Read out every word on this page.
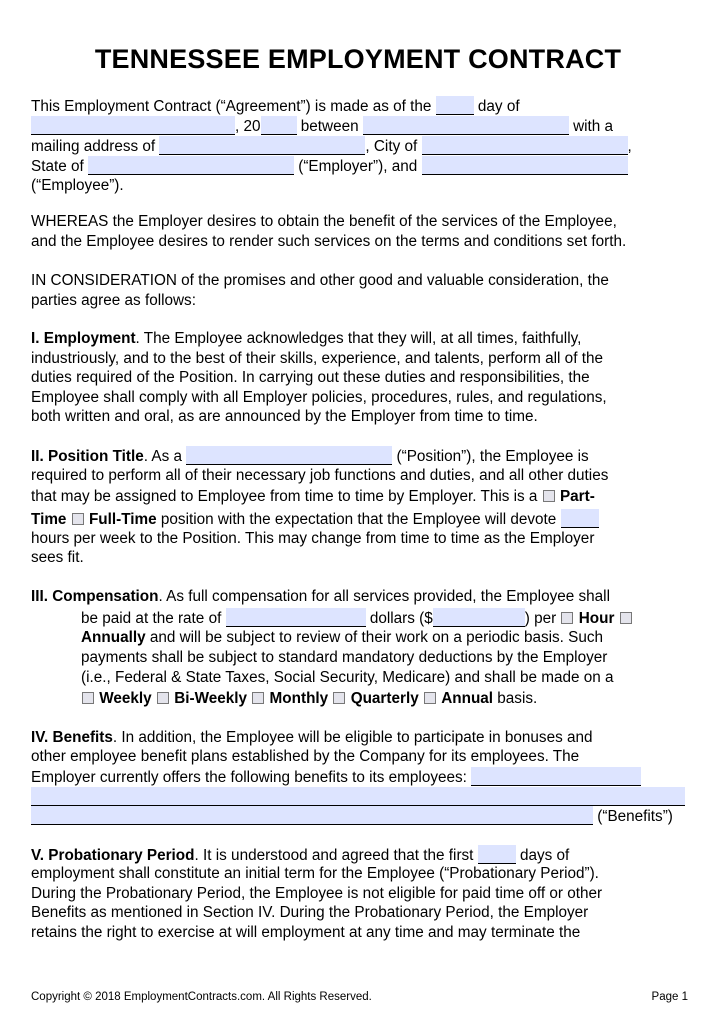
TENNESSEE EMPLOYMENT CONTRACT
This Employment Contract (“Agreement”) is made as of the	day of
, 20	between	with a
mailing address of	, City of	,
State of	(“Employer”), and
(“Employee”).
WHEREAS the Employer desires to obtain the benefit of the services of the Employee,
and the Employee desires to render such services on the terms and conditions set forth.
IN CONSIDERATION of the promises and other good and valuable consideration, the
parties agree as follows:
I. Employment. The Employee acknowledges that they will, at all times, faithfully,
industriously, and to the best of their skills, experience, and talents, perform all of the
duties required of the Position. In carrying out these duties and responsibilities, the
Employee shall comply with all Employer policies, procedures, rules, and regulations,
both written and oral, as are announced by the Employer from time to time.
II. Position Title. As a	(“Position”), the Employee is
required to perform all of their necessary job functions and duties, and all other duties
that may be assigned to Employee from time to time by Employer. This is a Part-
Time Full-Time position with the expectation that the Employee will devote
hours per week to the Position. This may change from time to time as the Employer
sees fit.
III. Compensation. As full compensation for all services provided, the Employee shall
be paid at the rate of	dollars ($	) per Hour
Annually and will be subject to review of their work on a periodic basis. Such
payments shall be subject to standard mandatory deductions by the Employer
(i.e., Federal & State Taxes, Social Security, Medicare) and shall be made on a
Weekly Bi-Weekly Monthly Quarterly Annual basis.
IV. Benefits. In addition, the Employee will be eligible to participate in bonuses and
other employee benefit plans established by the Company for its employees. The
Employer currently offers the following benefits to its employees:
(“Benefits”)
V. Probationary Period. It is understood and agreed that the first	days of
employment shall constitute an initial term for the Employee (“Probationary Period”).
During the Probationary Period, the Employee is not eligible for paid time off or other
Benefits as mentioned in Section IV. During the Probationary Period, the Employer
retains the right to exercise at will employment at any time and may terminate the
Copyright © 2018 EmploymentContracts.com. All Rights Reserved.	Page 1
